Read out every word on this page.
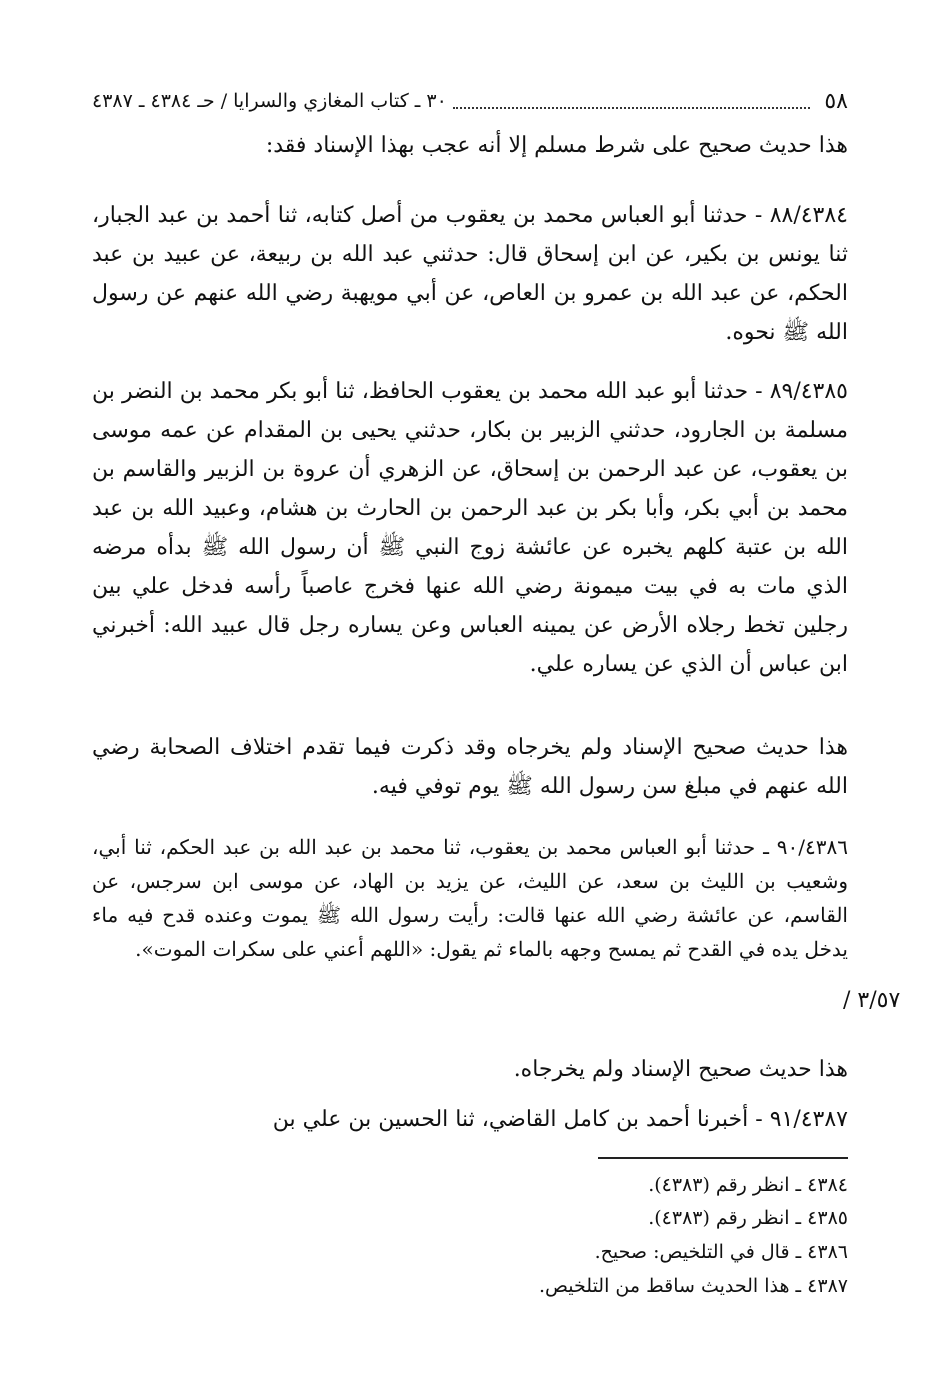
٥٨
٣٠ ـ كتاب المغازي والسرايا / حـ ٤٣٨٤ ـ ٤٣٨٧

هذا حديث صحيح على شرط مسلم إلا أنه عجب بهذا الإسناد فقد:

٨٨/٤٣٨٤ - حدثنا أبو العباس محمد بن يعقوب من أصل كتابه، ثنا أحمد بن عبد الجبار، ثنا يونس بن بكير، عن ابن إسحاق قال: حدثني عبد الله بن ربيعة، عن عبيد بن عبد الحكم، عن عبد الله بن عمرو بن العاص، عن أبي مويهبة رضي الله عنهم عن رسول الله ﷺ نحوه.

٨٩/٤٣٨٥ - حدثنا أبو عبد الله محمد بن يعقوب الحافظ، ثنا أبو بكر محمد بن النضر بن مسلمة بن الجارود، حدثني الزبير بن بكار، حدثني يحيى بن المقدام عن عمه موسى بن يعقوب، عن عبد الرحمن بن إسحاق، عن الزهري أن عروة بن الزبير والقاسم بن محمد بن أبي بكر، وأبا بكر بن عبد الرحمن بن الحارث بن هشام، وعبيد الله بن عبد الله بن عتبة كلهم يخبره عن عائشة زوج النبي ﷺ أن رسول الله ﷺ بدأه مرضه الذي مات به في بيت ميمونة رضي الله عنها فخرج عاصباً رأسه فدخل علي بين رجلين تخط رجلاه الأرض عن يمينه العباس وعن يساره رجل قال عبيد الله: أخبرني ابن عباس أن الذي عن يساره علي.

هذا حديث صحيح الإسناد ولم يخرجاه وقد ذكرت فيما تقدم اختلاف الصحابة رضي الله عنهم في مبلغ سن رسول الله ﷺ يوم توفي فيه.

٩٠/٤٣٨٦ ـ حدثنا أبو العباس محمد بن يعقوب، ثنا محمد بن عبد الله بن عبد الحكم، ثنا أبي، وشعيب بن الليث بن سعد، عن الليث، عن يزيد بن الهاد، عن موسى ابن سرجس، عن القاسم، عن عائشة رضي الله عنها قالت: رأيت رسول الله ﷺ يموت وعنده قدح فيه ماء يدخل يده في القدح ثم يمسح وجهه بالماء ثم يقول: «اللهم أعني على سكرات الموت».

٣/٥٧ /

هذا حديث صحيح الإسناد ولم يخرجاه.

٩١/٤٣٨٧ - أخبرنا أحمد بن كامل القاضي، ثنا الحسين بن علي بن

٤٣٨٤ ـ انظر رقم (٤٣٨٣).
٤٣٨٥ ـ انظر رقم (٤٣٨٣).
٤٣٨٦ ـ قال في التلخيص: صحيح.
٤٣٨٧ ـ هذا الحديث ساقط من التلخيص.
